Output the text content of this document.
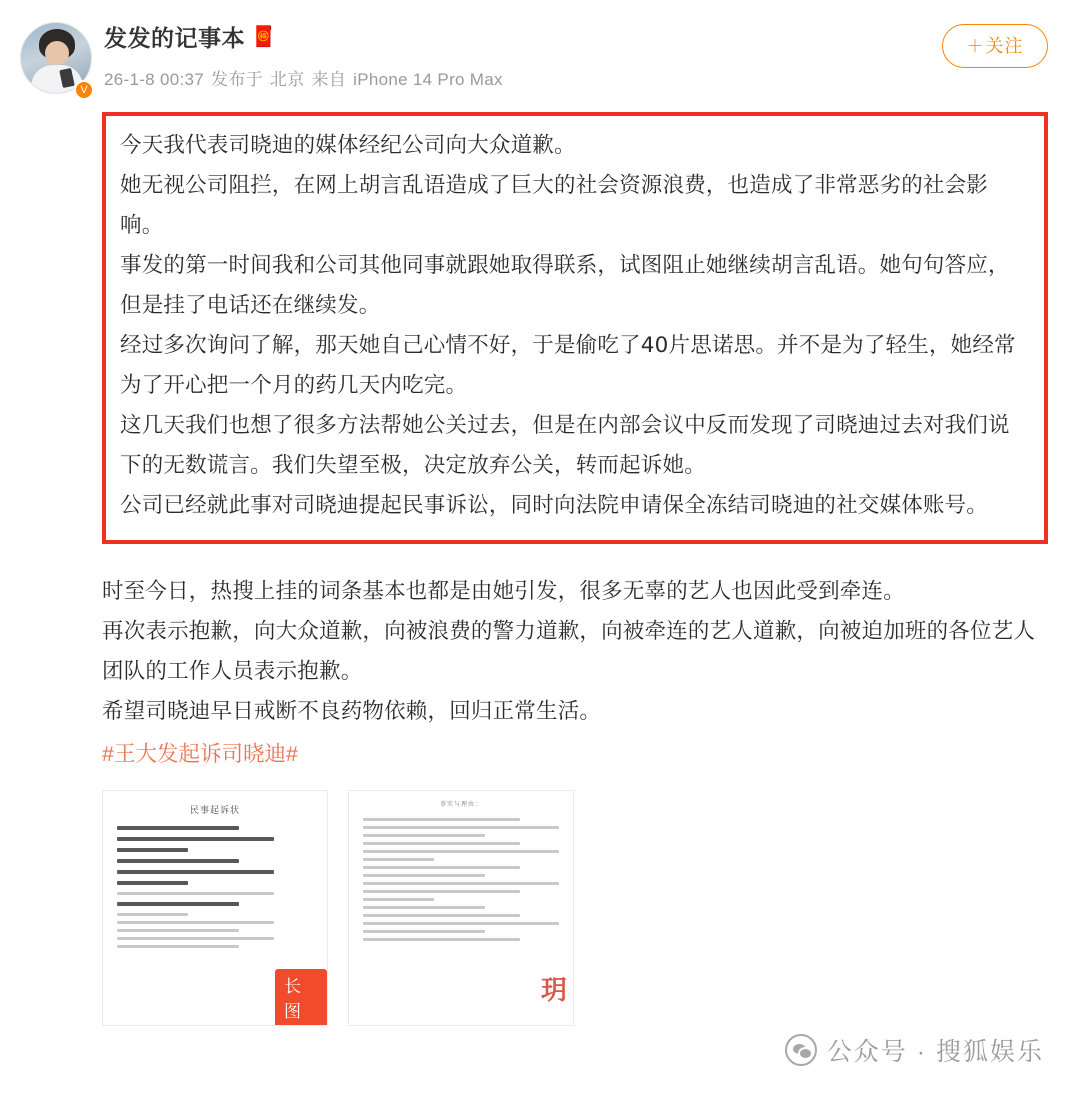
V
发发的记事本 🧧
26-1-8 00:37 发布于 北京 来自 iPhone 14 Pro Max
＋关注

今天我代表司晓迪的媒体经纪公司向大众道歉。

她无视公司阻拦，在网上胡言乱语造成了巨大的社会资源浪费，也造成了非常恶劣的社会影响。

事发的第一时间我和公司其他同事就跟她取得联系，试图阻止她继续胡言乱语。她句句答应，但是挂了电话还在继续发。

经过多次询问了解，那天她自己心情不好，于是偷吃了40片思诺思。并不是为了轻生，她经常为了开心把一个月的药几天内吃完。

这几天我们也想了很多方法帮她公关过去，但是在内部会议中反而发现了司晓迪过去对我们说下的无数谎言。我们失望至极，决定放弃公关，转而起诉她。

公司已经就此事对司晓迪提起民事诉讼，同时向法院申请保全冻结司晓迪的社交媒体账号。

时至今日，热搜上挂的词条基本也都是由她引发，很多无辜的艺人也因此受到牵连。

再次表示抱歉，向大众道歉，向被浪费的警力道歉，向被牵连的艺人道歉，向被迫加班的各位艺人团队的工作人员表示抱歉。

希望司晓迪早日戒断不良药物依赖，回归正常生活。

#王大发起诉司晓迪#
民事起诉状
长图
事实与理由：
玥
公众号 · 搜狐娱乐
